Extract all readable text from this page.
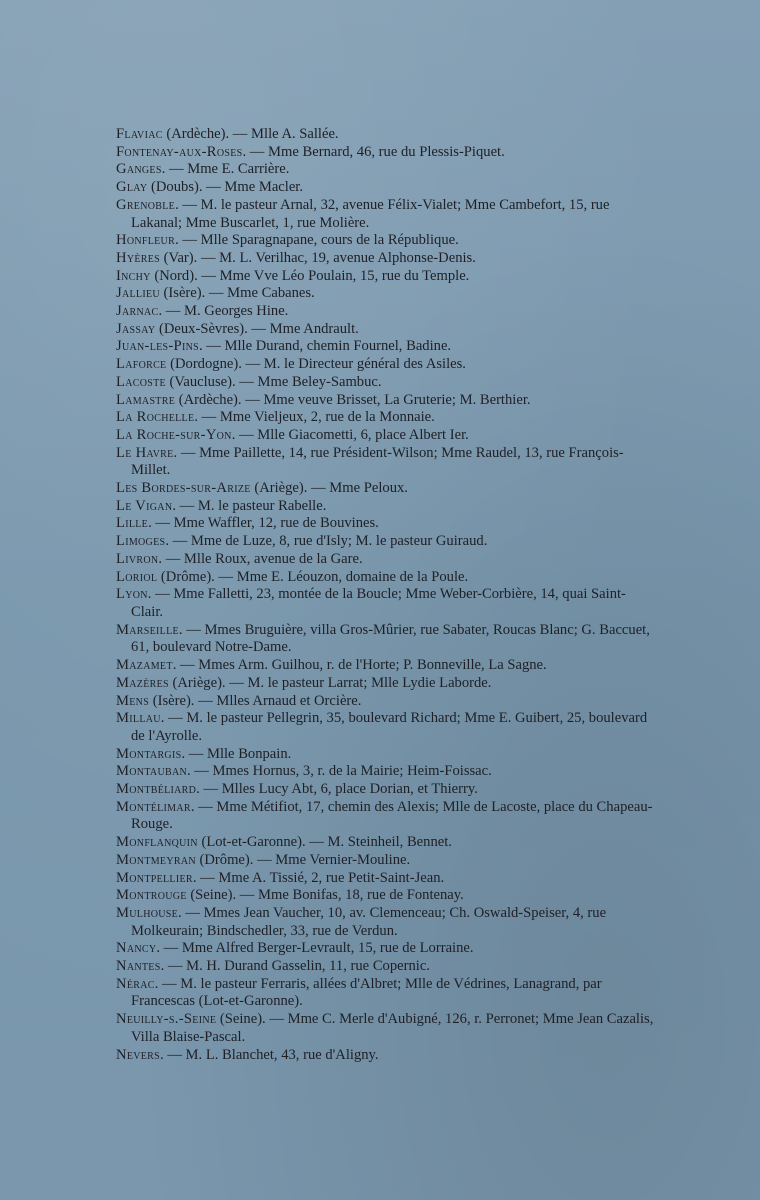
Flaviac (Ardèche). — Mlle A. Sallée.

Fontenay-aux-Roses. — Mme Bernard, 46, rue du Plessis-Piquet.

Ganges. — Mme E. Carrière.

Glay (Doubs). — Mme Macler.

Grenoble. — M. le pasteur Arnal, 32, avenue Félix-Vialet; Mme Cambefort, 15, rue Lakanal; Mme Buscarlet, 1, rue Molière.

Honfleur. — Mlle Sparagnapane, cours de la République.

Hyères (Var). — M. L. Verilhac, 19, avenue Alphonse-Denis.

Inchy (Nord). — Mme Vve Léo Poulain, 15, rue du Temple.

Jallieu (Isère). — Mme Cabanes.

Jarnac. — M. Georges Hine.

Jassay (Deux-Sèvres). — Mme Andrault.

Juan-les-Pins. — Mlle Durand, chemin Fournel, Badine.

Laforce (Dordogne). — M. le Directeur général des Asiles.

Lacoste (Vaucluse). — Mme Beley-Sambuc.

Lamastre (Ardèche). — Mme veuve Brisset, La Gruterie; M. Berthier.

La Rochelle. — Mme Vieljeux, 2, rue de la Monnaie.

La Roche-sur-Yon. — Mlle Giacometti, 6, place Albert Ier.

Le Havre. — Mme Paillette, 14, rue Président-Wilson; Mme Raudel, 13, rue François-Millet.

Les Bordes-sur-Arize (Ariège). — Mme Peloux.

Le Vigan. — M. le pasteur Rabelle.

Lille. — Mme Waffler, 12, rue de Bouvines.

Limoges. — Mme de Luze, 8, rue d'Isly; M. le pasteur Guiraud.

Livron. — Mlle Roux, avenue de la Gare.

Loriol (Drôme). — Mme E. Léouzon, domaine de la Poule.

Lyon. — Mme Falletti, 23, montée de la Boucle; Mme Weber-Corbière, 14, quai Saint-Clair.

Marseille. — Mmes Bruguière, villa Gros-Mûrier, rue Sabater, Roucas Blanc; G. Baccuet, 61, boulevard Notre-Dame.

Mazamet. — Mmes Arm. Guilhou, r. de l'Horte; P. Bonneville, La Sagne.

Mazères (Ariège). — M. le pasteur Larrat; Mlle Lydie Laborde.

Mens (Isère). — Mlles Arnaud et Orcière.

Millau. — M. le pasteur Pellegrin, 35, boulevard Richard; Mme E. Guibert, 25, boulevard de l'Ayrolle.

Montargis. — Mlle Bonpain.

Montauban. — Mmes Hornus, 3, r. de la Mairie; Heim-Foissac.

Montbéliard. — Mlles Lucy Abt, 6, place Dorian, et Thierry.

Montélimar. — Mme Métifiot, 17, chemin des Alexis; Mlle de Lacoste, place du Chapeau-Rouge.

Monflanquin (Lot-et-Garonne). — M. Steinheil, Bennet.

Montmeyran (Drôme). — Mme Vernier-Mouline.

Montpellier. — Mme A. Tissié, 2, rue Petit-Saint-Jean.

Montrouge (Seine). — Mme Bonifas, 18, rue de Fontenay.

Mulhouse. — Mmes Jean Vaucher, 10, av. Clemenceau; Ch. Oswald-Speiser, 4, rue Molkeurain; Bindschedler, 33, rue de Verdun.

Nancy. — Mme Alfred Berger-Levrault, 15, rue de Lorraine.

Nantes. — M. H. Durand Gasselin, 11, rue Copernic.

Nérac. — M. le pasteur Ferraris, allées d'Albret; Mlle de Védrines, Lanagrand, par Francescas (Lot-et-Garonne).

Neuilly-s.-Seine (Seine). — Mme C. Merle d'Aubigné, 126, r. Perronet; Mme Jean Cazalis, Villa Blaise-Pascal.

Nevers. — M. L. Blanchet, 43, rue d'Aligny.
